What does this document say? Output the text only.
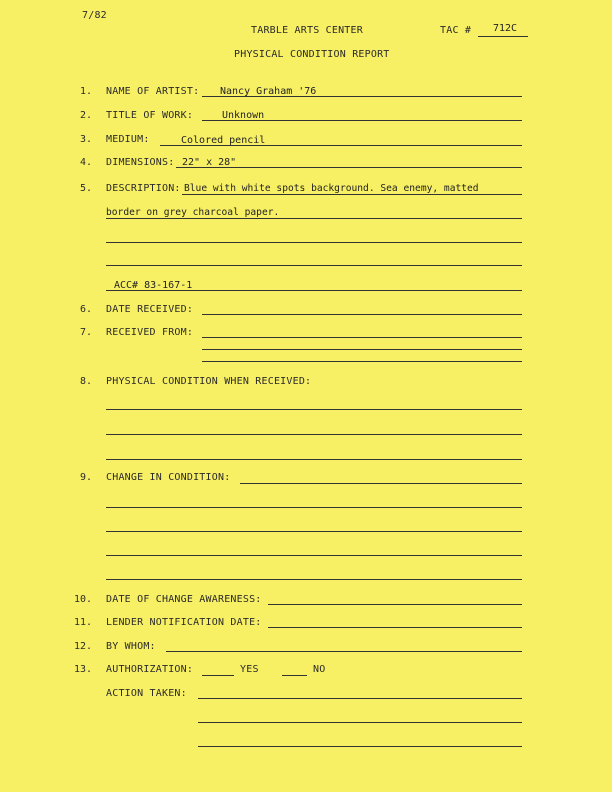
7/82
TARBLE ARTS CENTER	TAC # 712C
PHYSICAL CONDITION REPORT
1. NAME OF ARTIST: Nancy Graham '76
2. TITLE OF WORK:	Unknown
3. MEDIUM:	Colored pencil
4. DIMENSIONS: 22" x 28"
5. DESCRIPTION: Blue with white spots background. Sea enemy, matted
border on grey charcoal paper.
ACC# 83-167-1
6. DATE RECEIVED:
7. RECEIVED FROM:
8. PHYSICAL CONDITION WHEN RECEIVED:
9. CHANGE IN CONDITION:
10. DATE OF CHANGE AWARENESS:
11. LENDER NOTIFICATION DATE:
12. BY WHOM:
13. AUTHORIZATION:	YES	NO
ACTION TAKEN:
